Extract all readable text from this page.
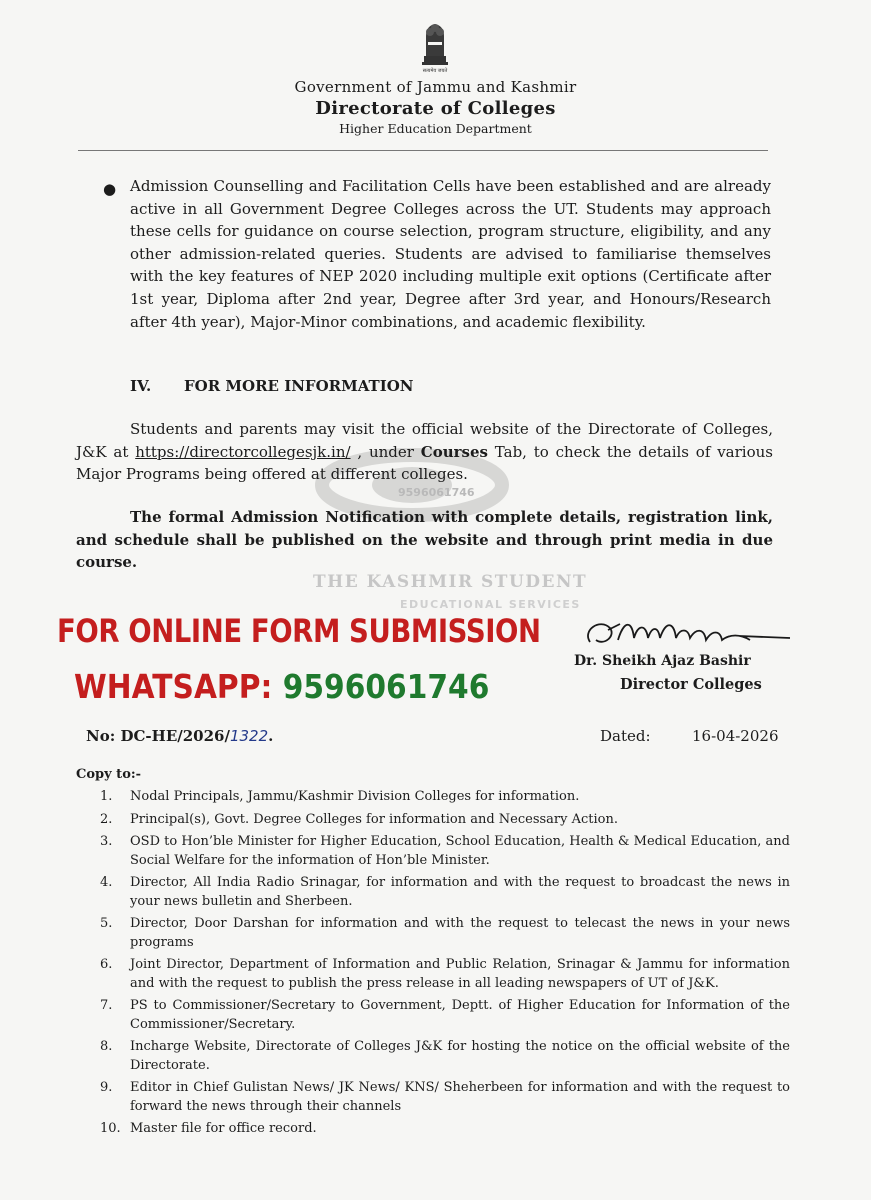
सत्यमेव जयते
Government of Jammu and Kashmir
Directorate of Colleges
Higher Education Department
● Admission Counselling and Facilitation Cells have been established and are already active in all Government Degree Colleges across the UT. Students may approach these cells for guidance on course selection, program structure, eligibility, and any other admission-related queries. Students are advised to familiarise themselves with the key features of NEP 2020 including multiple exit options (Certificate after 1st year, Diploma after 2nd year, Degree after 3rd year, and Honours/Research after 4th year), Major-Minor combinations, and academic flexibility.
IV. FOR MORE INFORMATION
9596061746
Students and parents may visit the official website of the Directorate of Colleges, J&K at https://directorcollegesjk.in/ , under Courses Tab, to check the details of various Major Programs being offered at different colleges.
The formal Admission Notification with complete details, registration link, and schedule shall be published on the website and through print media in due course.
THE KASHMIR STUDENT
EDUCATIONAL SERVICES
FOR ONLINE FORM SUBMISSION
WHATSAPP: 9596061746
Dr. Sheikh Ajaz Bashir
Director Colleges
No: DC-HE/2026/1322.	Dated:	16-04-2026
Copy to:-
1.	Nodal Principals, Jammu/Kashmir Division Colleges for information.
2.	Principal(s), Govt. Degree Colleges for information and Necessary Action.
3.	OSD to Hon’ble Minister for Higher Education, School Education, Health & Medical Education, and Social Welfare for the information of Hon’ble Minister.
4.	Director, All India Radio Srinagar, for information and with the request to broadcast the news in your news bulletin and Sherbeen.
5.	Director, Door Darshan for information and with the request to telecast the news in your news programs
6.	Joint Director, Department of Information and Public Relation, Srinagar & Jammu for information and with the request to publish the press release in all leading newspapers of UT of J&K.
7.	PS to Commissioner/Secretary to Government, Deptt. of Higher Education for Information of the Commissioner/Secretary.
8.	Incharge Website, Directorate of Colleges J&K for hosting the notice on the official website of the Directorate.
9.	Editor in Chief Gulistan News/ JK News/ KNS/ Sheherbeen for information and with the request to forward the news through their channels
10. Master file for office record.
